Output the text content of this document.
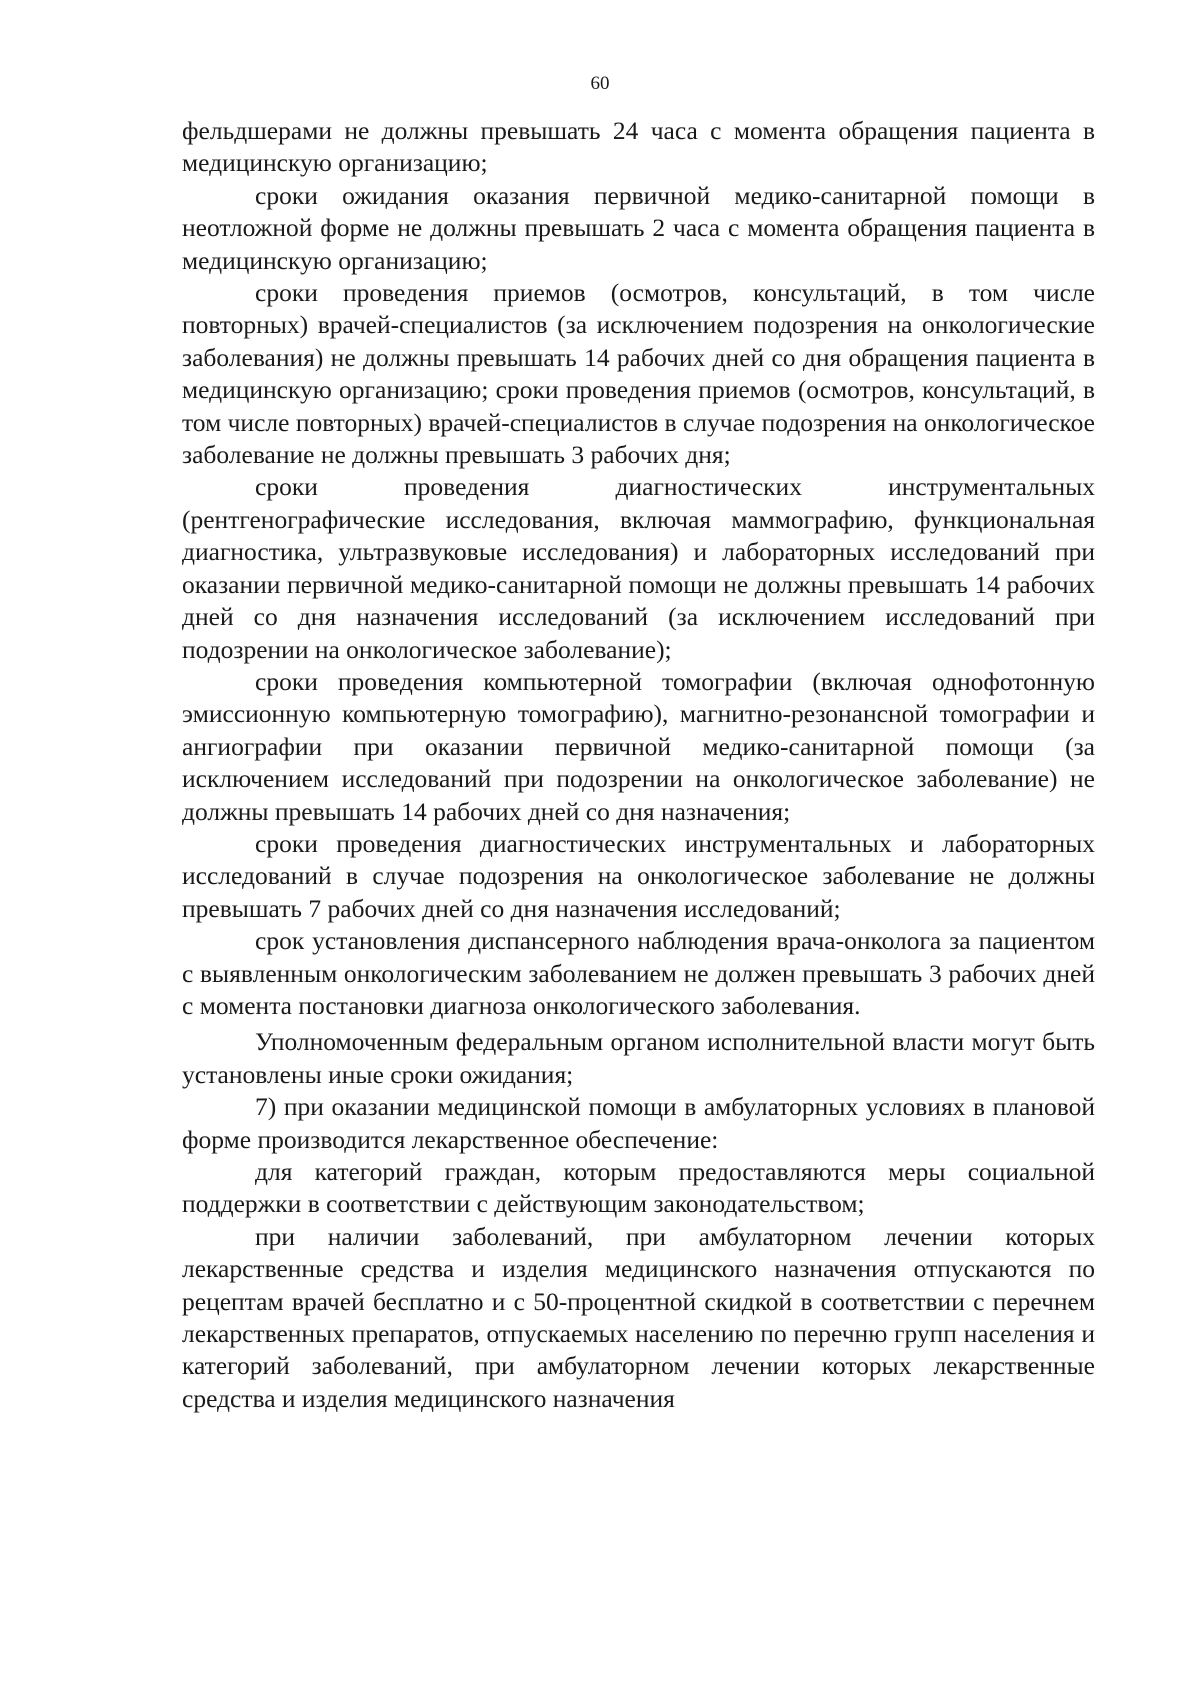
60

фельдшерами не должны превышать 24 часа с момента обращения пациента в медицинскую организацию;

сроки ожидания оказания первичной медико-санитарной помощи в неотложной форме не должны превышать 2 часа с момента обращения пациента в медицинскую организацию;

сроки проведения приемов (осмотров, консультаций, в том числе повторных) врачей-специалистов (за исключением подозрения на онкологические заболевания) не должны превышать 14 рабочих дней со дня обращения пациента в медицинскую организацию; сроки проведения приемов (осмотров, консультаций, в том числе повторных) врачей-специалистов в случае подозрения на онкологическое заболевание не должны превышать 3 рабочих дня;

сроки проведения диагностических инструментальных (рентгенографические исследования, включая маммографию, функциональная диагностика, ультразвуковые исследования) и лабораторных исследований при оказании первичной медико-санитарной помощи не должны превышать 14 рабочих дней со дня назначения исследований (за исключением исследований при подозрении на онкологическое заболевание);

сроки проведения компьютерной томографии (включая однофотонную эмиссионную компьютерную томографию), магнитно-резонансной томографии и ангиографии при оказании первичной медико-санитарной помощи (за исключением исследований при подозрении на онкологическое заболевание) не должны превышать 14 рабочих дней со дня назначения;

сроки проведения диагностических инструментальных и лабораторных исследований в случае подозрения на онкологическое заболевание не должны превышать 7 рабочих дней со дня назначения исследований;

срок установления диспансерного наблюдения врача-онколога за пациентом с выявленным онкологическим заболеванием не должен превышать 3 рабочих дней с момента постановки диагноза онкологического заболевания.

Уполномоченным федеральным органом исполнительной власти могут быть установлены иные сроки ожидания;

7) при оказании медицинской помощи в амбулаторных условиях в плановой форме производится лекарственное обеспечение:

для категорий граждан, которым предоставляются меры социальной поддержки в соответствии с действующим законодательством;

при наличии заболеваний, при амбулаторном лечении которых лекарственные средства и изделия медицинского назначения отпускаются по рецептам врачей бесплатно и с 50-процентной скидкой в соответствии с перечнем лекарственных препаратов, отпускаемых населению по перечню групп населения и категорий заболеваний, при амбулаторном лечении которых лекарственные средства и изделия медицинского назначения
